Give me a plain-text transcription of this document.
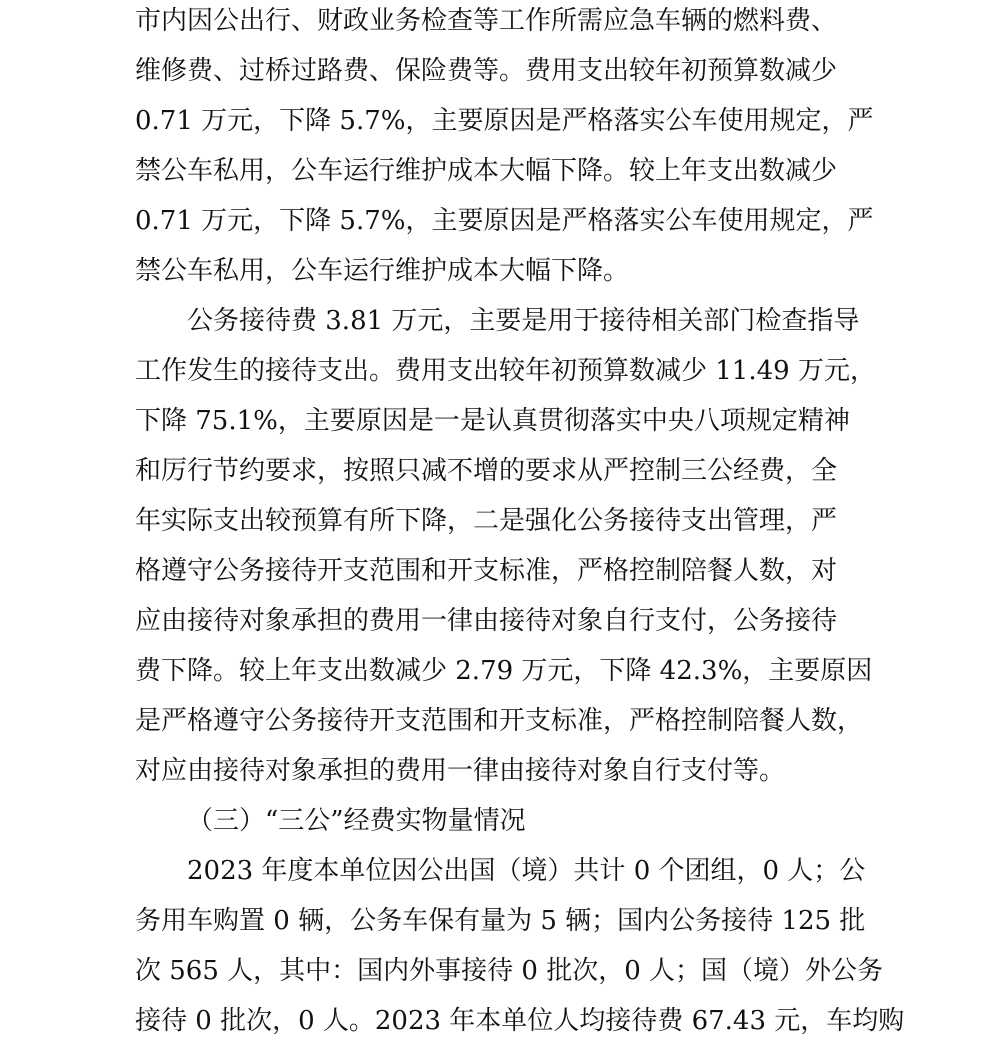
市内因公出行、财政业务检查等工作所需应急车辆的燃料费、
维修费、过桥过路费、保险费等。费用支出较年初预算数减少
0.71 万元，下降 5.7%，主要原因是严格落实公车使用规定，严
禁公车私用，公车运行维护成本大幅下降。较上年支出数减少
0.71 万元，下降 5.7%，主要原因是严格落实公车使用规定，严
禁公车私用，公车运行维护成本大幅下降。
公务接待费 3.81 万元，主要是用于接待相关部门检查指导
工作发生的接待支出。费用支出较年初预算数减少 11.49 万元，
下降 75.1%，主要原因是一是认真贯彻落实中央八项规定精神
和厉行节约要求，按照只减不增的要求从严控制三公经费，全
年实际支出较预算有所下降，二是强化公务接待支出管理，严
格遵守公务接待开支范围和开支标准，严格控制陪餐人数，对
应由接待对象承担的费用一律由接待对象自行支付，公务接待
费下降。较上年支出数减少 2.79 万元，下降 42.3%，主要原因
是严格遵守公务接待开支范围和开支标准，严格控制陪餐人数，
对应由接待对象承担的费用一律由接待对象自行支付等。
（三）“三公”经费实物量情况
2023 年度本单位因公出国（境）共计 0 个团组，0 人；公
务用车购置 0 辆，公务车保有量为 5 辆；国内公务接待 125 批
次 565 人，其中：国内外事接待 0 批次，0 人；国（境）外公务
接待 0 批次，0 人。2023 年本单位人均接待费 67.43 元，车均购
